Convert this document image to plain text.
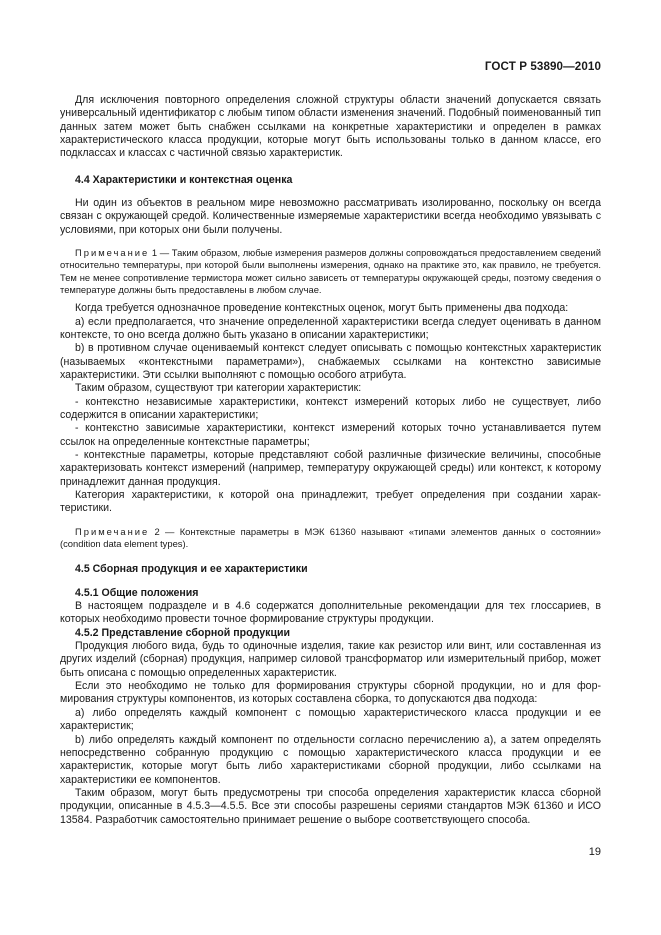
ГОСТ Р 53890—2010

Для исключения повторного определения сложной структуры области значений допускается связать универсальный идентификатор с любым типом области изменения значений. Подобный поименованный тип данных затем может быть снабжен ссылками на конкретные характеристики и определен в рамках характеристического класса продукции, которые могут быть использованы только в данном классе, его подклассах и классах с частичной связью характеристик.

4.4 Характеристики и контекстная оценка

Ни один из объектов в реальном мире невозможно рассматривать изолированно, поскольку он всегда связан с окружающей средой. Количественные измеряемые характеристики всегда необходимо увязывать с условиями, при которых они были получены.

Примечание 1 — Таким образом, любые измерения размеров должны сопровождаться предоставлением сведений относительно температуры, при которой были выполнены измерения, однако на практике это, как правило, не требуется. Тем не менее сопротивление термистора может сильно зависеть от температуры окружающей среды, поэтому сведения о температуре должны быть предоставлены в любом случае.

Когда требуется однозначное проведение контекстных оценок, могут быть применены два подхода:

а) если предполагается, что значение определенной характеристики всегда следует оценивать в данном контексте, то оно всегда должно быть указано в описании характеристики;

b) в противном случае оцениваемый контекст следует описывать с помощью контекстных характеристик (называемых «контекстными параметрами»), снабжаемых ссылками на контекстно зависимые характеристики. Эти ссылки выполняют с помощью особого атрибута.

Таким образом, существуют три категории характеристик:

- контекстно независимые характеристики, контекст измерений которых либо не существует, либо содержится в описании характеристики;

- контекстно зависимые характеристики, контекст измерений которых точно устанавливается путем ссылок на определенные контекстные параметры;

- контекстные параметры, которые представляют собой различные физические величины, способные характеризовать контекст измерений (например, температуру окружающей среды) или контекст, к которому принадлежит данная продукция.

Категория характеристики, к которой она принадлежит, требует определения при создании характеристики.

Примечание 2 — Контекстные параметры в МЭК 61360 называют «типами элементов данных о состоянии» (condition data element types).
4.5 Сборная продукция и ее характеристики
4.5.1 Общие положения

В настоящем подразделе и в 4.6 содержатся дополнительные рекомендации для тех глоссариев, в которых необходимо провести точное формирование структуры продукции.

4.5.2 Представление сборной продукции

Продукция любого вида, будь то одиночные изделия, такие как резистор или винт, или составленная из других изделий (сборная) продукция, например силовой трансформатор или измерительный прибор, может быть описана с помощью определенных характеристик.

Если это необходимо не только для формирования структуры сборной продукции, но и для формирования структуры компонентов, из которых составлена сборка, то допускаются два подхода:

а) либо определять каждый компонент с помощью характеристического класса продукции и ее характеристик;

b) либо определять каждый компонент по отдельности согласно перечислению а), а затем определять непосредственно собранную продукцию с помощью характеристического класса продукции и ее характеристик, которые могут быть либо характеристиками сборной продукции, либо ссылками на характеристики ее компонентов.

Таким образом, могут быть предусмотрены три способа определения характеристик класса сборной продукции, описанные в 4.5.3—4.5.5. Все эти способы разрешены сериями стандартов МЭК 61360 и ИСО 13584. Разработчик самостоятельно принимает решение о выборе соответствующего способа.

19
